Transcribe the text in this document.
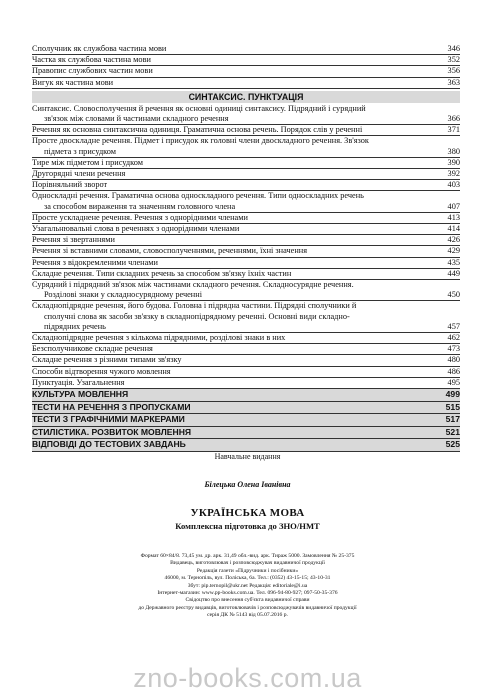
Сполучник як службова частина мови	346
Частка як службова частина мови	352
Правопис службових частин мови	356
Вигук як частина мови	363
СИНТАКСИС. ПУНКТУАЦІЯ
Синтаксис. Словосполучення й речення як основні одиниці синтаксису. Підрядний і сурядний
зв'язок між словами й частинами складного речення	366
Речення як основна синтаксична одиниця. Граматична основа речень. Порядок слів у реченні	371
Просте двоскладне речення. Підмет і присудок як головні члени двоскладного речення. Зв'язок
підмета з присудком	380
Тире між підметом і присудком	390
Другорядні члени речення	392
Порівняльний зворот	403
Односкладні речення. Граматична основа односкладного речення. Типи односкладних речень
за способом вираження та значенням головного члена	407
Просте ускладнене речення. Речення з однорідними членами	413
Узагальнювальні слова в реченнях з однорідними членами	414
Речення зі звертаннями	426
Речення зі вставними словами, словосполученнями, реченнями, їхні значення	429
Речення з відокремленими членами	435
Складне речення. Типи складних речень за способом зв'язку їхніх частин	449
Сурядний і підрядний зв'язок між частинами складного речення. Складносурядне речення.
Розділові знаки у складносурядному реченні	450
Складнопідрядне речення, його будова. Головна і підрядна частини. Підрядні сполучники й
сполучні слова як засоби зв'язку в складнопідрядному реченні. Основні види складно-
підрядних речень	457
Складнопідрядне речення з кількома підрядними, розділові знаки в них	462
Безсполучникове складне речення	473
Складне речення з різними типами зв'язку	480
Способи відтворення чужого мовлення	486
Пунктуація. Узагальнення	495
КУЛЬТУРА МОВЛЕННЯ	499
ТЕСТИ НА РЕЧЕННЯ З ПРОПУСКАМИ	515
ТЕСТИ З ГРАФІЧНИМИ МАРКЕРАМИ	517
СТИЛІСТИКА. РОЗВИТОК МОВЛЕННЯ	521
ВІДПОВІДІ ДО ТЕСТОВИХ ЗАВДАНЬ	525
Навчальне видання
Білецька Олена Іванівна
УКРАЇНСЬКА МОВА
Комплексна підготовка до ЗНО/НМТ
Формат 60×84/8. 73,45 ум. др. арк. 31,49 обл.-вид. арк. Тираж 5000. Замовлення № 25-375
Видавець, виготовлювач і розповсюджувач видавничої продукції
Редакція газети «Підручники і посібники»
46000, м. Тернопіль, вул. Поліська, 6а. Тел.: (0352) 43-15-15; 43-10-31
Збут: pip.ternopil@ukr.net Редакція: editoriale@i.ua
Інтернет-магазин: www.pp-books.com.ua. Тел. 096-94-80-927; 097-50-35-376
Свідоцтво про внесення суб'єкта видавничої справи
до Державного реєстру видавців, виготовлювачів і розповсюджувачів видавничої продукції
серія ДК № 5143 від 05.07.2016 р.
zno-books.com.ua
